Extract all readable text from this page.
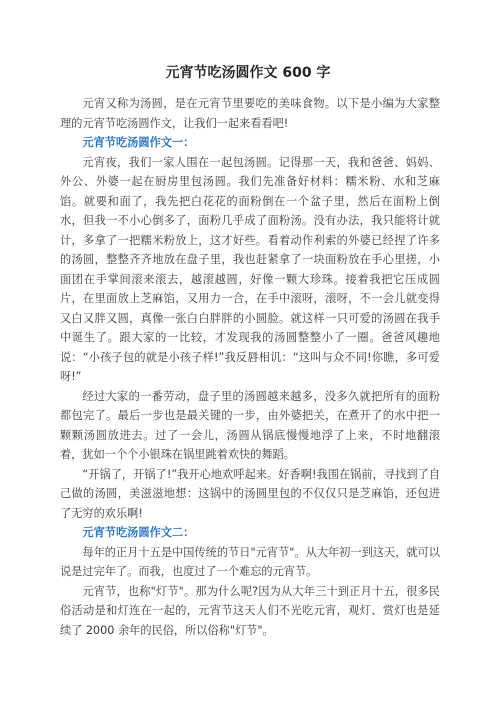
元宵节吃汤圆作文 600 字

元宵又称为汤圆，是在元宵节里要吃的美味食物。以下是小编为大家整理的元宵节吃汤圆作文，让我们一起来看看吧!

元宵节吃汤圆作文一：

元宵夜，我们一家人围在一起包汤圆。记得那一天，我和爸爸、妈妈、外公、外婆一起在厨房里包汤圆。我们先准备好材料：糯米粉、水和芝麻馅。就要和面了，我先把白花花的面粉倒在一个盆子里，然后在面粉上倒水，但我一不小心倒多了，面粉几乎成了面粉汤。没有办法，我只能将计就计，多拿了一把糯米粉放上，这才好些。看着动作利索的外婆已经捏了许多的汤圆，整整齐齐地放在盘子里，我也赶紧拿了一块面粉放在手心里搓，小面团在手掌间滚来滚去，越滚越圆，好像一颗大珍珠。接着我把它压成圆片，在里面放上芝麻馅，又用力一合，在手中滚呀，滚呀，不一会儿就变得又白又胖又圆，真像一张白白胖胖的小圆脸。就这样一只可爱的汤圆在我手中诞生了。跟大家的一比较，才发现我的汤圆整整小了一圈。爸爸风趣地说：“小孩子包的就是小孩子样!”我反唇相讥：“这叫与众不同!你瞧，多可爱呀!”

经过大家的一番劳动，盘子里的汤圆越来越多，没多久就把所有的面粉都包完了。最后一步也是最关键的一步，由外婆把关，在煮开了的水中把一颗颗汤圆放进去。过了一会儿，汤圆从锅底慢慢地浮了上来，不时地翻滚着，犹如一个个小银珠在锅里跳着欢快的舞蹈。

“开锅了，开锅了!”我开心地欢呼起来。好香啊!我围在锅前，寻找到了自己做的汤圆，美滋滋地想：这锅中的汤圆里包的不仅仅只是芝麻馅，还包进了无穷的欢乐啊!

元宵节吃汤圆作文二：

每年的正月十五是中国传统的节日"元宵节"。从大年初一到这天，就可以说是过完年了。而我，也度过了一个难忘的元宵节。

元宵节，也称"灯节"。那为什么呢?因为从大年三十到正月十五，很多民俗活动是和灯连在一起的，元宵节这天人们不光吃元宵，观灯、赏灯也是延续了 2000 余年的民俗，所以俗称"灯节"。
